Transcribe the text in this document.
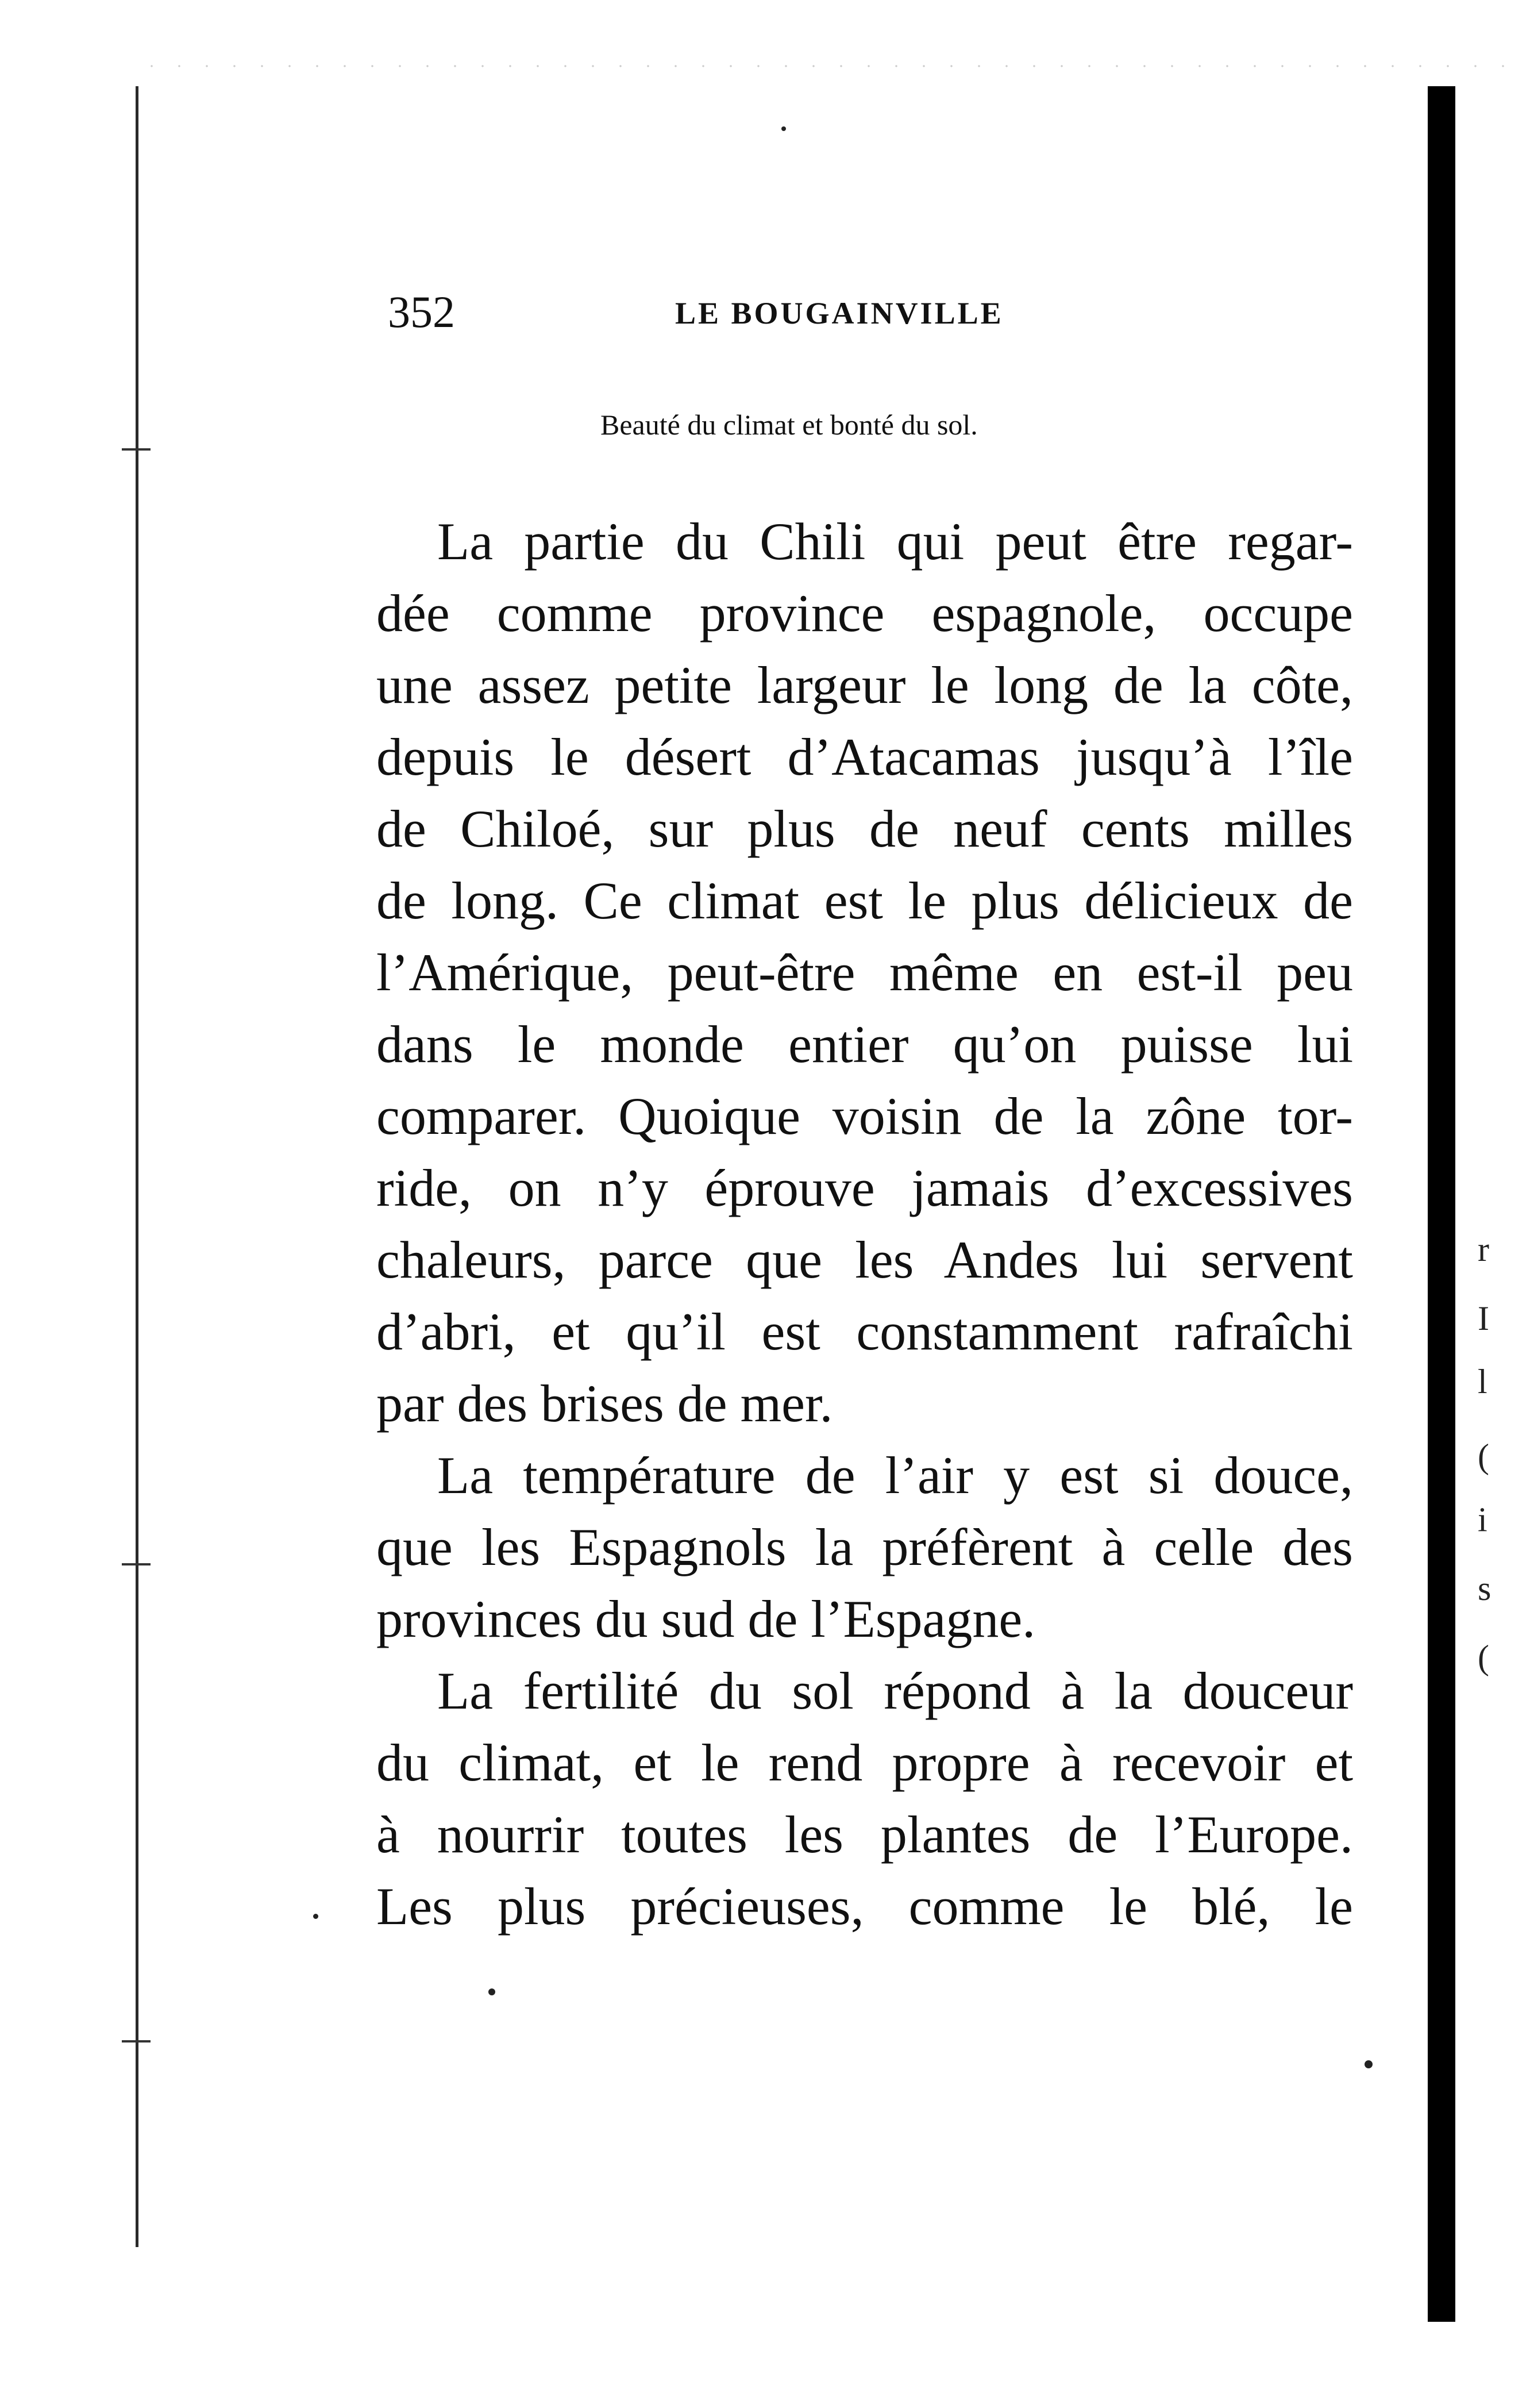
r
I
l
(
i
s
(
352	LE BOUGAINVILLE
Beauté du climat et bonté du sol.
La partie du Chili qui peut être regar-
dée comme province espagnole, occupe
une assez petite largeur le long de la côte,
depuis le désert d’Atacamas jusqu’à l’île
de Chiloé, sur plus de neuf cents milles
de long. Ce climat est le plus délicieux de
l’Amérique, peut-être même en est-il peu
dans le monde entier qu’on puisse lui
comparer. Quoique voisin de la zône tor-
ride, on n’y éprouve jamais d’excessives
chaleurs, parce que les Andes lui servent
d’abri, et qu’il est constamment rafraîchi
par des brises de mer.
La température de l’air y est si douce,
que les Espagnols la préfèrent à celle des
provinces du sud de l’Espagne.
La fertilité du sol répond à la douceur
du climat, et le rend propre à recevoir et
à nourrir toutes les plantes de l’Europe.
Les plus précieuses, comme le blé, le
